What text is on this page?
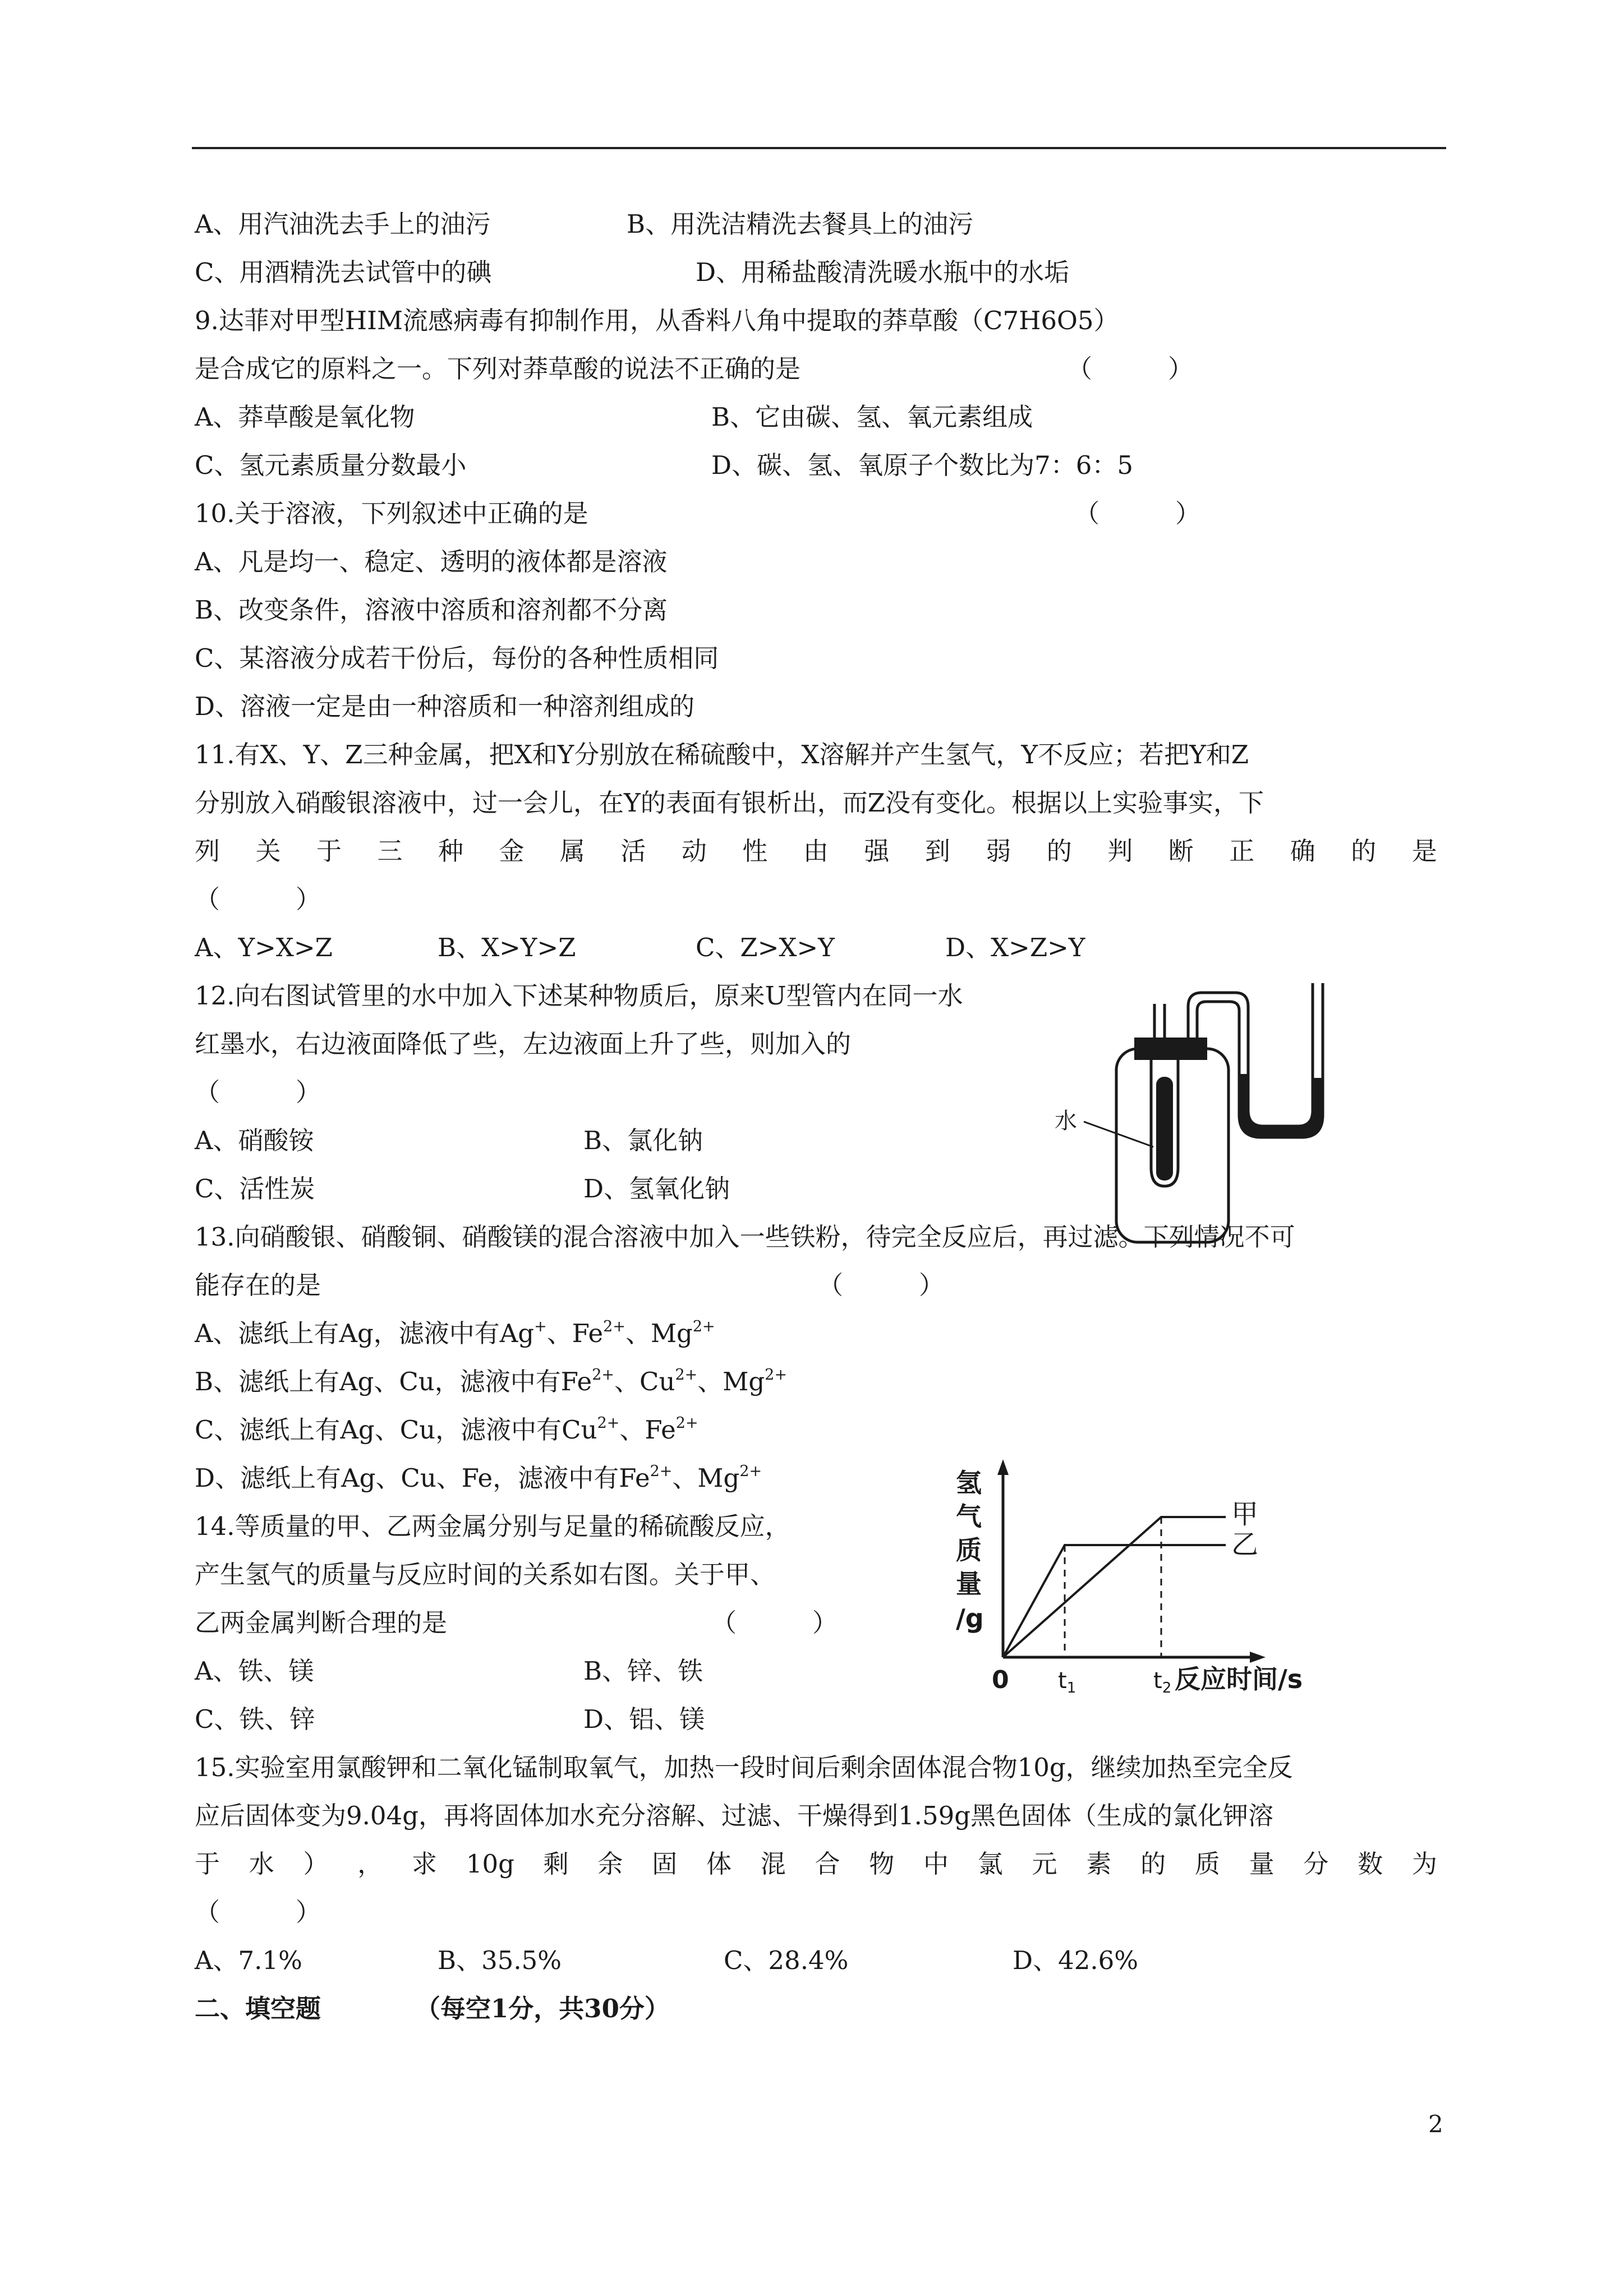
A、用汽油洗去手上的油污	B、用洗洁精洗去餐具上的油污
C、用酒精洗去试管中的碘	D、用稀盐酸清洗暖水瓶中的水垢
9.达菲对甲型HIM流感病毒有抑制作用，从香料八角中提取的莽草酸（C7H6O5）
是合成它的原料之一。下列对莽草酸的说法不正确的是	（　　　）
A、莽草酸是氧化物	B、它由碳、氢、氧元素组成
C、氢元素质量分数最小	D、碳、氢、氧原子个数比为7：6：5
10.关于溶液，下列叙述中正确的是	（　　　）
A、凡是均一、稳定、透明的液体都是溶液
B、改变条件，溶液中溶质和溶剂都不分离
C、某溶液分成若干份后，每份的各种性质相同
D、溶液一定是由一种溶质和一种溶剂组成的
11.有X、Y、Z三种金属，把X和Y分别放在稀硫酸中，X溶解并产生氢气，Y不反应；若把Y和Z
分别放入硝酸银溶液中，过一会儿，在Y的表面有银析出，而Z没有变化。根据以上实验事实，下
列 关 于 三 种 金 属 活 动 性 由 强 到 弱 的 判 断 正 确 的 是
（　　　）
A、Y>X>Z	B、X>Y>Z	C、Z>X>Y	D、X>Z>Y
12.向右图试管里的水中加入下述某种物质后，原来U型管内在同一水
红墨水，右边液面降低了些，左边液面上升了些，则加入的
（　　　）
A、硝酸铵	B、氯化钠
C、活性炭	D、氢氧化钠
水
13.向硝酸银、硝酸铜、硝酸镁的混合溶液中加入一些铁粉，待完全反应后，再过滤。下列情况不可
能存在的是	（　　　）
A、滤纸上有Ag，滤液中有Ag+、$Fe^{2+}$、$Mg^{2+}$
B、滤纸上有Ag、Cu，滤液中有$Fe^{2+}$、$Cu^{2+}$、$Mg^{2+}$
C、滤纸上有Ag、Cu，滤液中有$Cu^{2+}$、$Fe^{2+}$
D、滤纸上有Ag、Cu、Fe，滤液中有$Fe^{2+}$、$Mg^{2+}$
14.等质量的甲、乙两金属分别与足量的稀硫酸反应，
产生氢气的质量与反应时间的关系如右图。关于甲、
乙两金属判断合理的是	（　　　）
A、铁、镁	B、锌、铁
C、铁、锌	D、铝、镁
氢
气
质
量
/g
甲
乙
0 $t_1$	$t_2$ 反应时间/s
15.实验室用氯酸钾和二氧化锰制取氧气，加热一段时间后剩余固体混合物10g，继续加热至完全反
应后固体变为9.04g，再将固体加水充分溶解、过滤、干燥得到1.59g黑色固体（生成的氯化钾溶
于 水 ） ， 求 10g 剩 余 固 体 混 合 物 中 氯 元 素 的 质 量 分 数 为
（　　　）
A、7.1%	B、35.5%	C、28.4%	D、42.6%
二、填空题	（每空1分，共30分）
2
